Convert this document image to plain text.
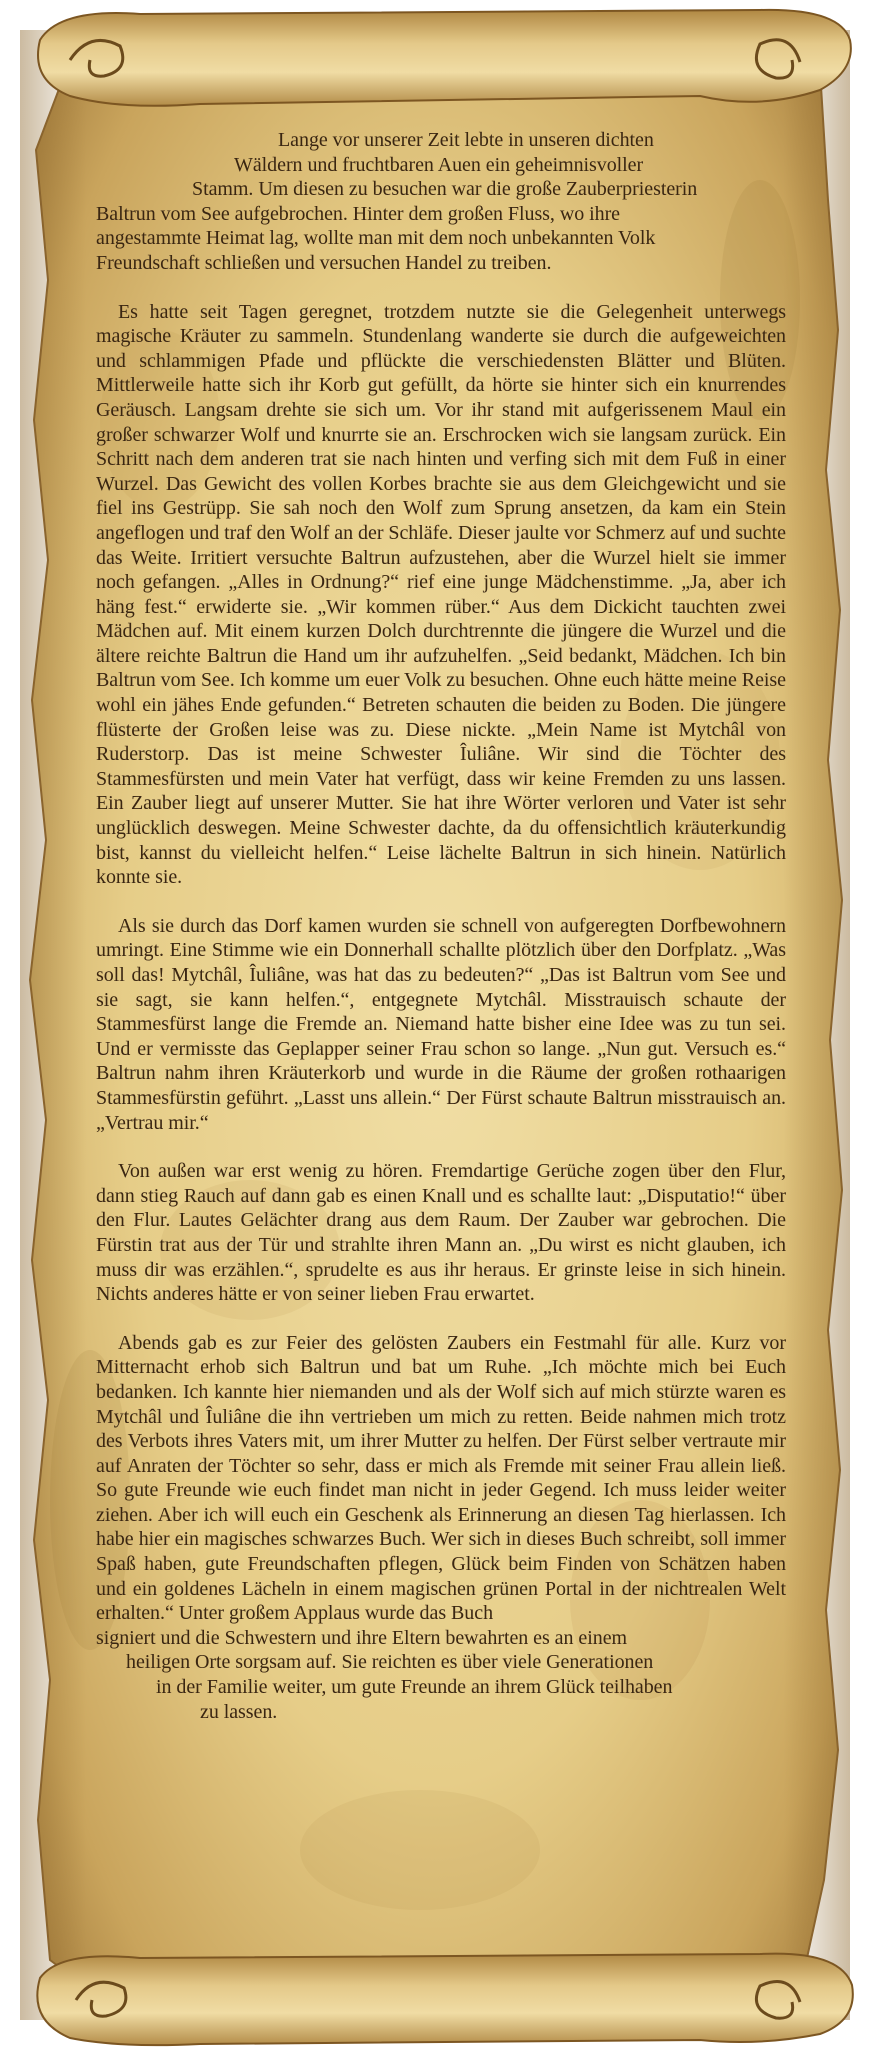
Lange vor unserer Zeit lebte in unseren dichten
Wäldern und fruchtbaren Auen ein geheimnisvoller
Stamm. Um diesen zu besuchen war die große Zauberpriesterin
Baltrun vom See aufgebrochen. Hinter dem großen Fluss, wo ihre
angestammte Heimat lag, wollte man mit dem noch unbekannten Volk
Freundschaft schließen und versuchen Handel zu treiben.

Es hatte seit Tagen geregnet, trotzdem nutzte sie die Gelegenheit unterwegs magische Kräuter zu sammeln. Stundenlang wanderte sie durch die aufgeweichten und schlammigen Pfade und pflückte die verschiedensten Blätter und Blüten. Mittlerweile hatte sich ihr Korb gut gefüllt, da hörte sie hinter sich ein knurrendes Geräusch. Langsam drehte sie sich um. Vor ihr stand mit aufgerissenem Maul ein großer schwarzer Wolf und knurrte sie an. Erschrocken wich sie langsam zurück. Ein Schritt nach dem anderen trat sie nach hinten und verfing sich mit dem Fuß in einer Wurzel. Das Gewicht des vollen Korbes brachte sie aus dem Gleichgewicht und sie fiel ins Gestrüpp. Sie sah noch den Wolf zum Sprung ansetzen, da kam ein Stein angeflogen und traf den Wolf an der Schläfe. Dieser jaulte vor Schmerz auf und suchte das Weite. Irritiert versuchte Baltrun aufzustehen, aber die Wurzel hielt sie immer noch gefangen. „Alles in Ordnung?“ rief eine junge Mädchenstimme. „Ja, aber ich häng fest.“ erwiderte sie. „Wir kommen rüber.“ Aus dem Dickicht tauchten zwei Mädchen auf. Mit einem kurzen Dolch durchtrennte die jüngere die Wurzel und die ältere reichte Baltrun die Hand um ihr aufzuhelfen. „Seid bedankt, Mädchen. Ich bin Baltrun vom See. Ich komme um euer Volk zu besuchen. Ohne euch hätte meine Reise wohl ein jähes Ende gefunden.“ Betreten schauten die beiden zu Boden. Die jüngere flüsterte der Großen leise was zu. Diese nickte. „Mein Name ist Mytchâl von Ruderstorp. Das ist meine Schwester Îuliâne. Wir sind die Töchter des Stammesfürsten und mein Vater hat verfügt, dass wir keine Fremden zu uns lassen. Ein Zauber liegt auf unserer Mutter. Sie hat ihre Wörter verloren und Vater ist sehr unglücklich deswegen. Meine Schwester dachte, da du offensichtlich kräuterkundig bist, kannst du vielleicht helfen.“ Leise lächelte Baltrun in sich hinein. Natürlich konnte sie.

Als sie durch das Dorf kamen wurden sie schnell von aufgeregten Dorfbewohnern umringt. Eine Stimme wie ein Donnerhall schallte plötzlich über den Dorfplatz. „Was soll das! Mytchâl, Îuliâne, was hat das zu bedeuten?“ „Das ist Baltrun vom See und sie sagt, sie kann helfen.“, entgegnete Mytchâl. Misstrauisch schaute der Stammesfürst lange die Fremde an. Niemand hatte bisher eine Idee was zu tun sei. Und er vermisste das Geplapper seiner Frau schon so lange. „Nun gut. Versuch es.“ Baltrun nahm ihren Kräuterkorb und wurde in die Räume der großen rothaarigen Stammesfürstin geführt. „Lasst uns allein.“ Der Fürst schaute Baltrun misstrauisch an. „Vertrau mir.“

Von außen war erst wenig zu hören. Fremdartige Gerüche zogen über den Flur, dann stieg Rauch auf dann gab es einen Knall und es schallte laut: „Disputatio!“ über den Flur. Lautes Gelächter drang aus dem Raum. Der Zauber war gebrochen. Die Fürstin trat aus der Tür und strahlte ihren Mann an. „Du wirst es nicht glauben, ich muss dir was erzählen.“, sprudelte es aus ihr heraus. Er grinste leise in sich hinein. Nichts anderes hätte er von seiner lieben Frau erwartet.

Abends gab es zur Feier des gelösten Zaubers ein Festmahl für alle. Kurz vor Mitternacht erhob sich Baltrun und bat um Ruhe. „Ich möchte mich bei Euch bedanken. Ich kannte hier niemanden und als der Wolf sich auf mich stürzte waren es Mytchâl und Îuliâne die ihn vertrieben um mich zu retten. Beide nahmen mich trotz des Verbots ihres Vaters mit, um ihrer Mutter zu helfen. Der Fürst selber vertraute mir auf Anraten der Töchter so sehr, dass er mich als Fremde mit seiner Frau allein ließ. So gute Freunde wie euch findet man nicht in jeder Gegend. Ich muss leider weiter ziehen. Aber ich will euch ein Geschenk als Erinnerung an diesen Tag hierlassen. Ich habe hier ein magisches schwarzes Buch. Wer sich in dieses Buch schreibt, soll immer Spaß haben, gute Freundschaften pflegen, Glück beim Finden von Schätzen haben und ein goldenes Lächeln in einem magischen grünen Portal in der nichtrealen Welt erhalten.“ Unter großem Applaus wurde das Buch

signiert und die Schwestern und ihre Eltern bewahrten es an einem
heiligen Orte sorgsam auf. Sie reichten es über viele Generationen
in der Familie weiter, um gute Freunde an ihrem Glück teilhaben
zu lassen.
